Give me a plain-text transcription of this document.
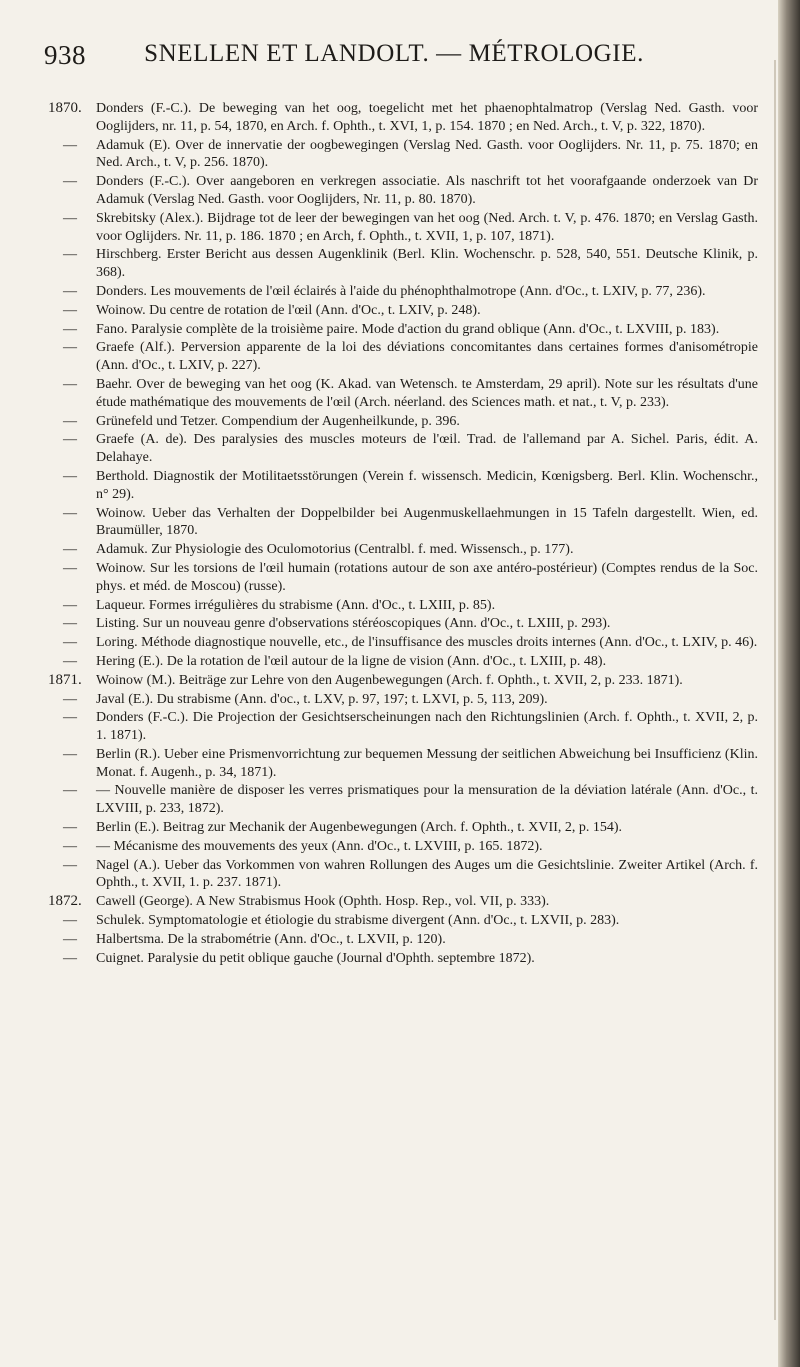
938	SNELLEN ET LANDOLT. — MÉTROLOGIE.
1870.	Donders (F.-C.). De beweging van het oog, toegelicht met het phaenophtalmatrop (Verslag Ned. Gasth. voor Ooglijders, nr. 11, p. 54, 1870, en Arch. f. Ophth., t. XVI, 1, p. 154. 1870 ; en Ned. Arch., t. V, p. 322, 1870).
—	Adamuk (E). Over de innervatie der oogbewegingen (Verslag Ned. Gasth. voor Ooglijders. Nr. 11, p. 75. 1870; en Ned. Arch., t. V, p. 256. 1870).
—	Donders (F.-C.). Over aangeboren en verkregen associatie. Als naschrift tot het voorafgaande onderzoek van Dr Adamuk (Verslag Ned. Gasth. voor Ooglijders, Nr. 11, p. 80. 1870).
—	Skrebitsky (Alex.). Bijdrage tot de leer der bewegingen van het oog (Ned. Arch. t. V, p. 476. 1870; en Verslag Gasth. voor Oglijders. Nr. 11, p. 186. 1870 ; en Arch, f. Ophth., t. XVII, 1, p. 107, 1871).
—	Hirschberg. Erster Bericht aus dessen Augenklinik (Berl. Klin. Wochenschr. p. 528, 540, 551. Deutsche Klinik, p. 368).
—	Donders. Les mouvements de l'œil éclairés à l'aide du phénophthalmotrope (Ann. d'Oc., t. LXIV, p. 77, 236).
—	Woinow. Du centre de rotation de l'œil (Ann. d'Oc., t. LXIV, p. 248).
—	Fano. Paralysie complète de la troisième paire. Mode d'action du grand oblique (Ann. d'Oc., t. LXVIII, p. 183).
—	Graefe (Alf.). Perversion apparente de la loi des déviations concomitantes dans certaines formes d'anisométropie (Ann. d'Oc., t. LXIV, p. 227).
—	Baehr. Over de beweging van het oog (K. Akad. van Wetensch. te Amsterdam, 29 april). Note sur les résultats d'une étude mathématique des mouvements de l'œil (Arch. néerland. des Sciences math. et nat., t. V, p. 233).
—	Grünefeld und Tetzer. Compendium der Augenheilkunde, p. 396.
—	Graefe (A. de). Des paralysies des muscles moteurs de l'œil. Trad. de l'allemand par A. Sichel. Paris, édit. A. Delahaye.
—	Berthold. Diagnostik der Motilitaetsstörungen (Verein f. wissensch. Medicin, Kœnigsberg. Berl. Klin. Wochenschr., n° 29).
—	Woinow. Ueber das Verhalten der Doppelbilder bei Augenmuskellaehmungen in 15 Tafeln dargestellt. Wien, ed. Braumüller, 1870.
—	Adamuk. Zur Physiologie des Oculomotorius (Centralbl. f. med. Wissensch., p. 177).
—	Woinow. Sur les torsions de l'œil humain (rotations autour de son axe antéro-postérieur) (Comptes rendus de la Soc. phys. et méd. de Moscou) (russe).
—	Laqueur. Formes irrégulières du strabisme (Ann. d'Oc., t. LXIII, p. 85).
—	Listing. Sur un nouveau genre d'observations stéréoscopiques (Ann. d'Oc., t. LXIII, p. 293).
—	Loring. Méthode diagnostique nouvelle, etc., de l'insuffisance des muscles droits internes (Ann. d'Oc., t. LXIV, p. 46).
—	Hering (E.). De la rotation de l'œil autour de la ligne de vision (Ann. d'Oc., t. LXIII, p. 48).
1871.	Woinow (M.). Beiträge zur Lehre von den Augenbewegungen (Arch. f. Ophth., t. XVII, 2, p. 233. 1871).
—	Javal (E.). Du strabisme (Ann. d'oc., t. LXV, p. 97, 197; t. LXVI, p. 5, 113, 209).
—	Donders (F.-C.). Die Projection der Gesichtserscheinungen nach den Richtungslinien (Arch. f. Ophth., t. XVII, 2, p. 1. 1871).
—	Berlin (R.). Ueber eine Prismenvorrichtung zur bequemen Messung der seitlichen Abweichung bei Insufficienz (Klin. Monat. f. Augenh., p. 34, 1871).
—	— Nouvelle manière de disposer les verres prismatiques pour la mensuration de la déviation latérale (Ann. d'Oc., t. LXVIII, p. 233, 1872).
—	Berlin (E.). Beitrag zur Mechanik der Augenbewegungen (Arch. f. Ophth., t. XVII, 2, p. 154).
—	— Mécanisme des mouvements des yeux (Ann. d'Oc., t. LXVIII, p. 165. 1872).
—	Nagel (A.). Ueber das Vorkommen von wahren Rollungen des Auges um die Gesichtslinie. Zweiter Artikel (Arch. f. Ophth., t. XVII, 1. p. 237. 1871).
1872.	Cawell (George). A New Strabismus Hook (Ophth. Hosp. Rep., vol. VII, p. 333).
—	Schulek. Symptomatologie et étiologie du strabisme divergent (Ann. d'Oc., t. LXVII, p. 283).
—	Halbertsma. De la strabométrie (Ann. d'Oc., t. LXVII, p. 120).
—	Cuignet. Paralysie du petit oblique gauche (Journal d'Ophth. septembre 1872).
